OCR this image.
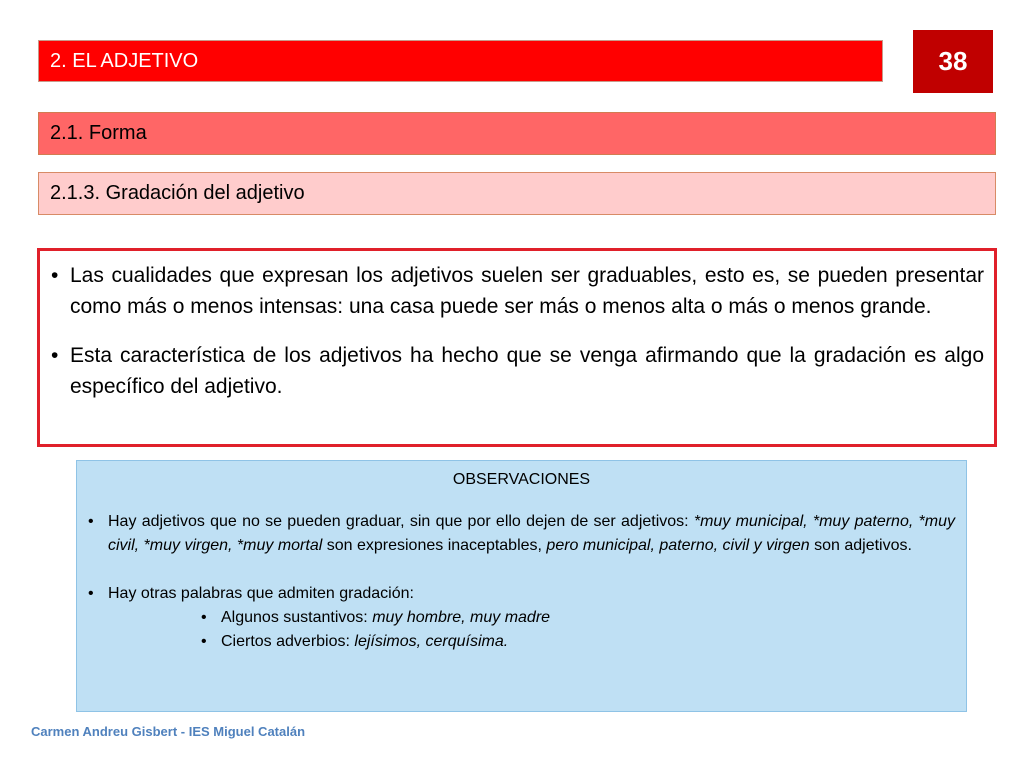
2. EL ADJETIVO	38
2.1. Forma
2.1.3. Gradación del adjetivo
• Las cualidades que expresan los adjetivos suelen ser graduables, esto es, se pueden presentar como más o menos intensas: una casa puede ser más o menos alta o más o menos grande.
• Esta característica de los adjetivos ha hecho que se venga afirmando que la gradación es algo específico del adjetivo.
OBSERVACIONES
• Hay adjetivos que no se pueden graduar, sin que por ello dejen de ser adjetivos: *muy municipal, *muy paterno, *muy civil, *muy virgen, *muy mortal son expresiones inaceptables, pero municipal, paterno, civil y virgen son adjetivos.
• Hay otras palabras que admiten gradación:
• Algunos sustantivos: muy hombre, muy madre
• Ciertos adverbios: lejísimos, cerquísima.
Carmen Andreu Gisbert - IES Miguel Catalán
